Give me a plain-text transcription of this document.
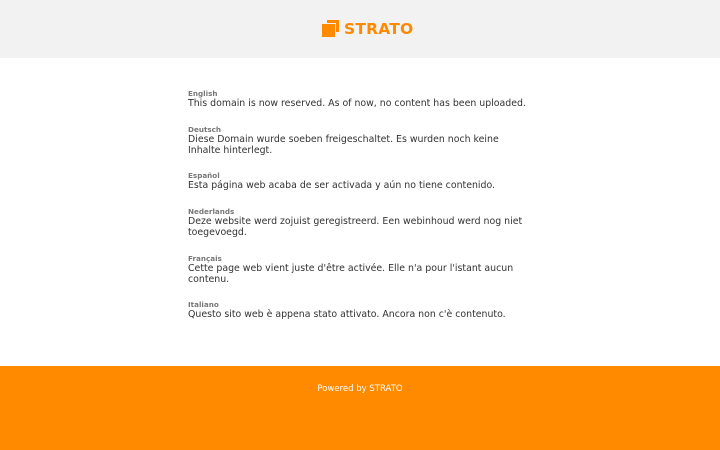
STRATO
English
This domain is now reserved. As of now, no content has been uploaded.
Deutsch
Diese Domain wurde soeben freigeschaltet. Es wurden noch keine Inhalte hinterlegt.
Español
Esta página web acaba de ser activada y aún no tiene contenido.
Nederlands
Deze website werd zojuist geregistreerd. Een webinhoud werd nog niet toegevoegd.
Français
Cette page web vient juste d'être activée. Elle n'a pour l'istant aucun contenu.
Italiano
Questo sito web è appena stato attivato. Ancora non c'è contenuto.
Powered by STRATO
